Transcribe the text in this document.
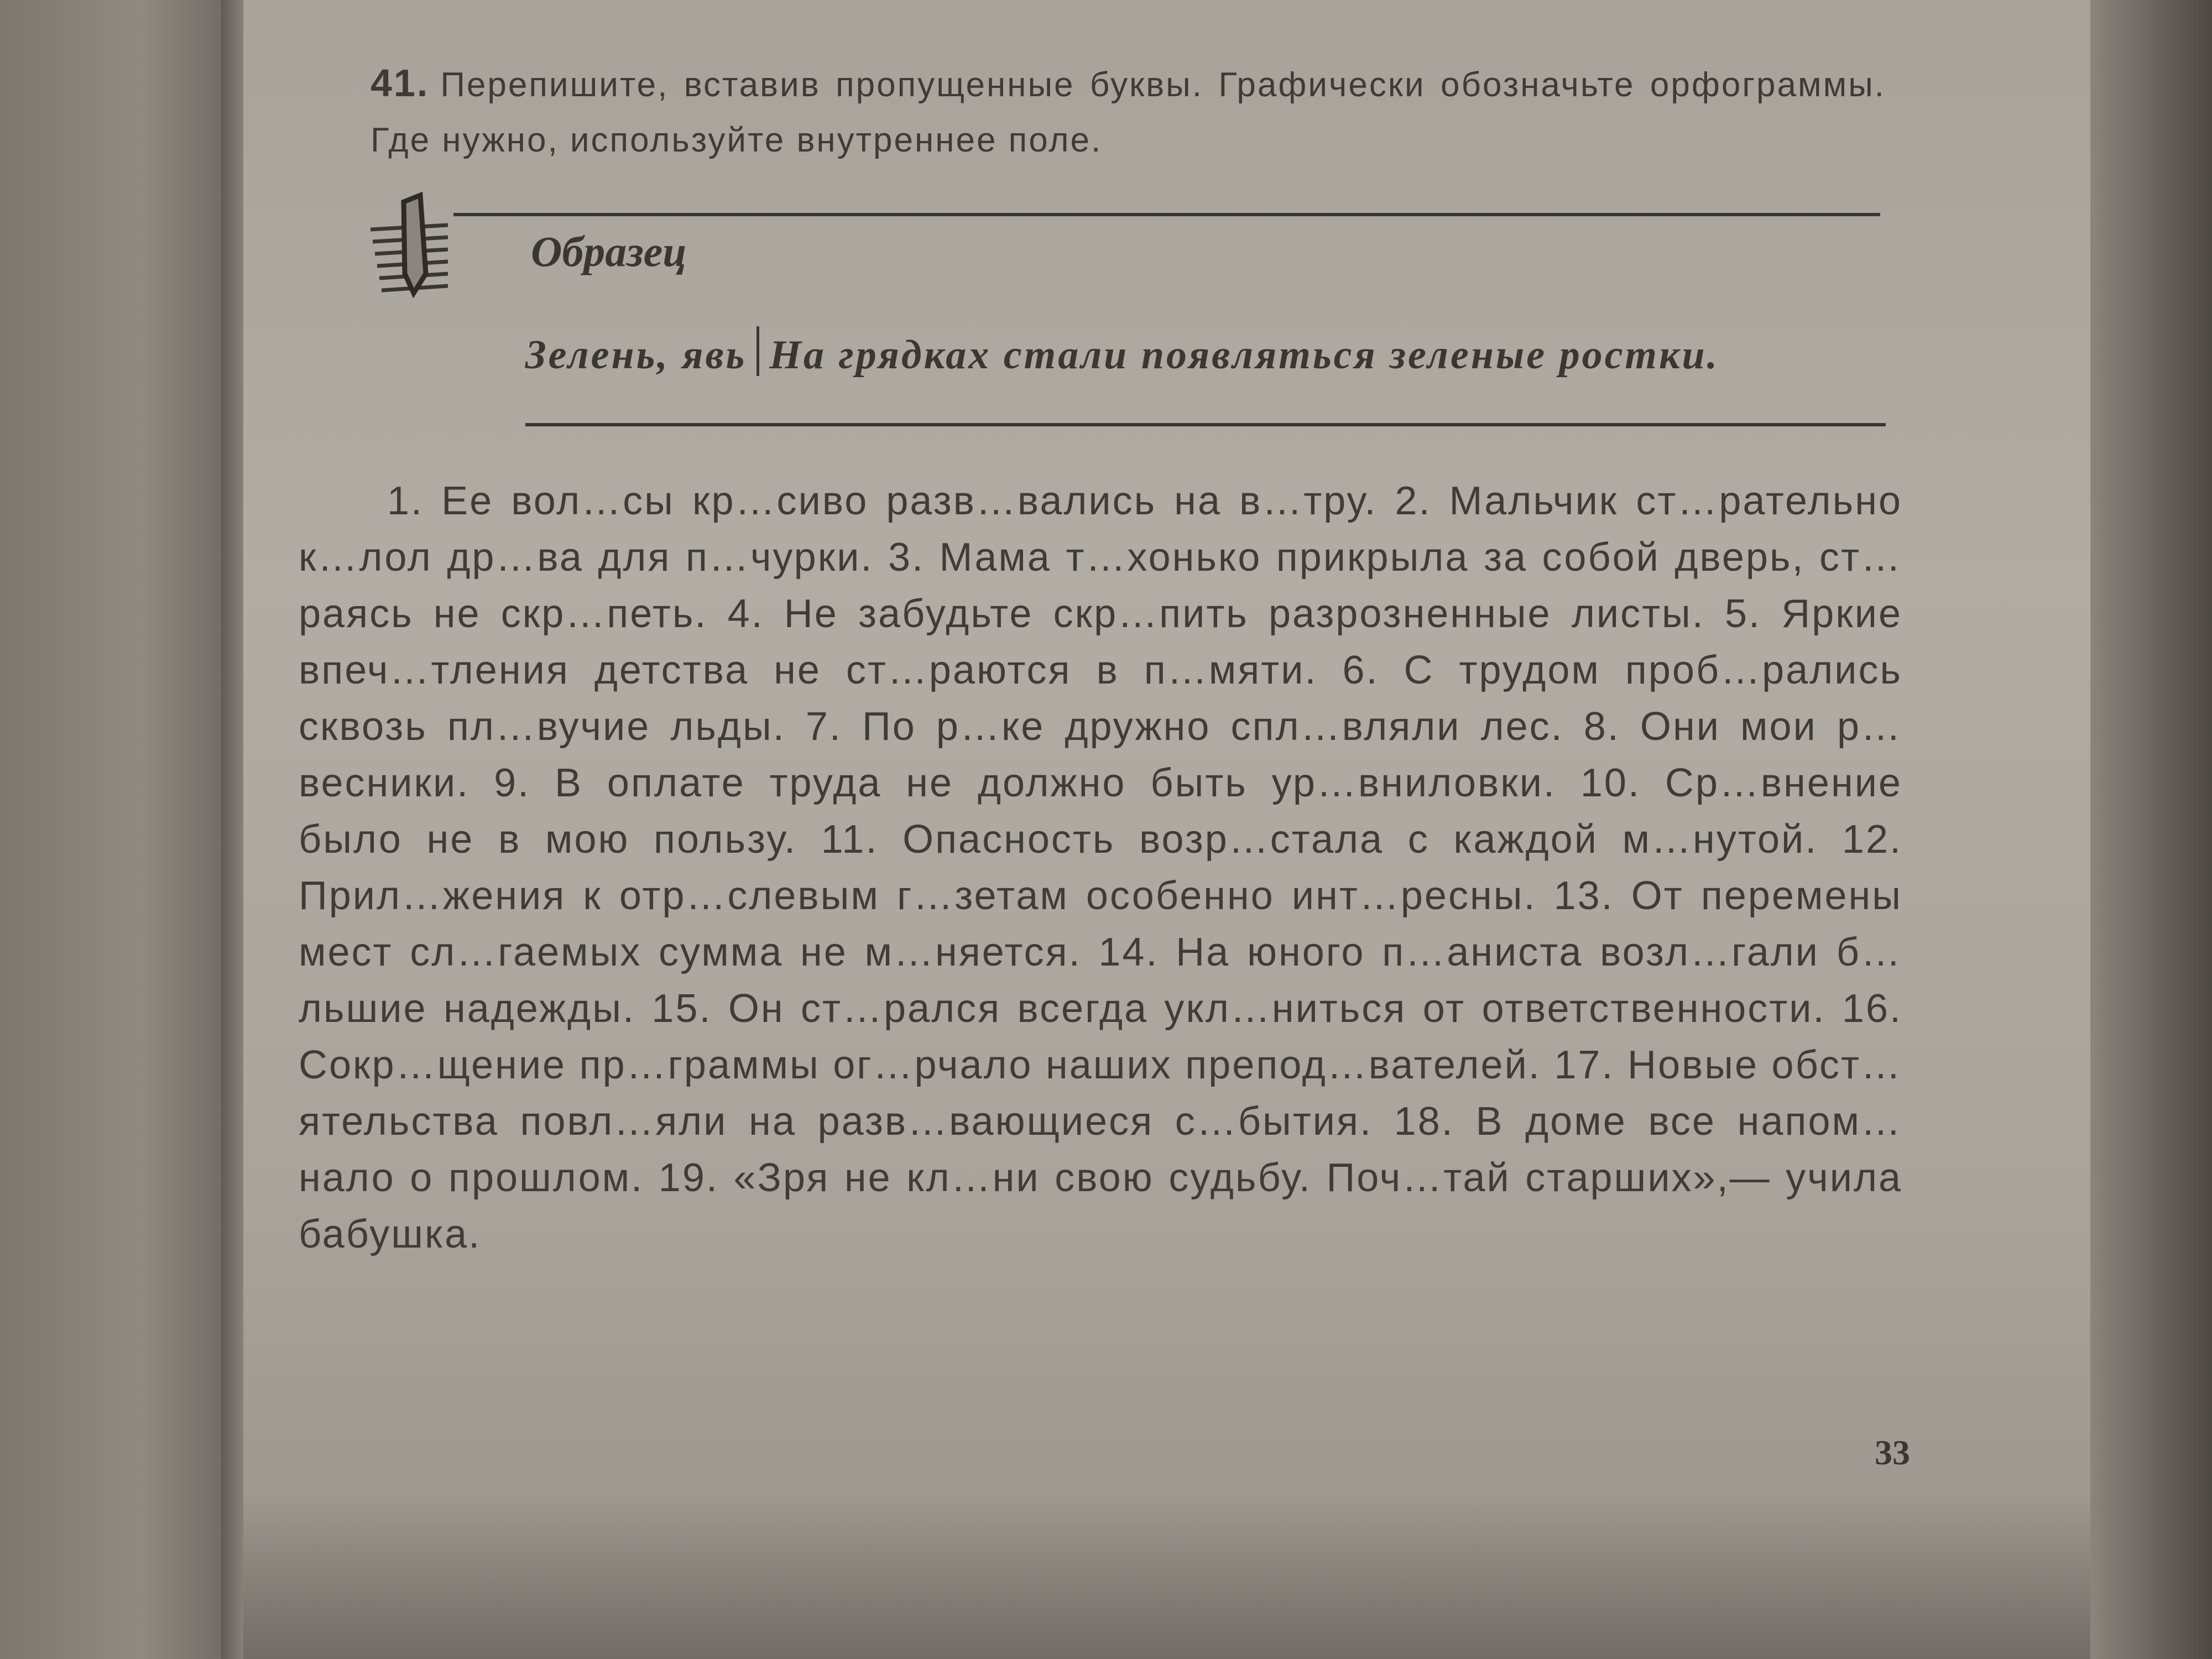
41. Перепишите, вставив пропущенные буквы. Графически обозначьте орфограммы. Где нужно, используйте внутреннее поле.
Образец
Зелень, явь На грядках стали появляться зеленые ростки.
1. Ее вол…сы кр…сиво разв…вались на в…тру. 2. Мальчик ст…рательно к…лол др…ва для п…чурки. 3. Мама т…хонько прикрыла за собой дверь, ст…раясь не скр…петь. 4. Не забудьте скр…пить разрозненные листы. 5. Яркие впеч…тления детства не ст…раются в п…мяти. 6. С трудом проб…рались сквозь пл…вучие льды. 7. По р…ке дружно спл…вляли лес. 8. Они мои р…весники. 9. В оплате труда не должно быть ур…вниловки. 10. Ср…внение было не в мою пользу. 11. Опасность возр…стала с каждой м…нутой. 12. Прил…жения к отр…слевым г…зетам особенно инт…ресны. 13. От перемены мест сл…гаемых сумма не м…няется. 14. На юного п…аниста возл…гали б…льшие надежды. 15. Он ст…рался всегда укл…ниться от ответственности. 16. Сокр…щение пр…граммы ог…рчало наших препод…вателей. 17. Новые обст…ятельства повл…яли на разв…вающиеся с…бытия. 18. В доме все напом…нало о прошлом. 19. «Зря не кл…ни свою судьбу. Поч…тай старших»,— учила бабушка.
33
